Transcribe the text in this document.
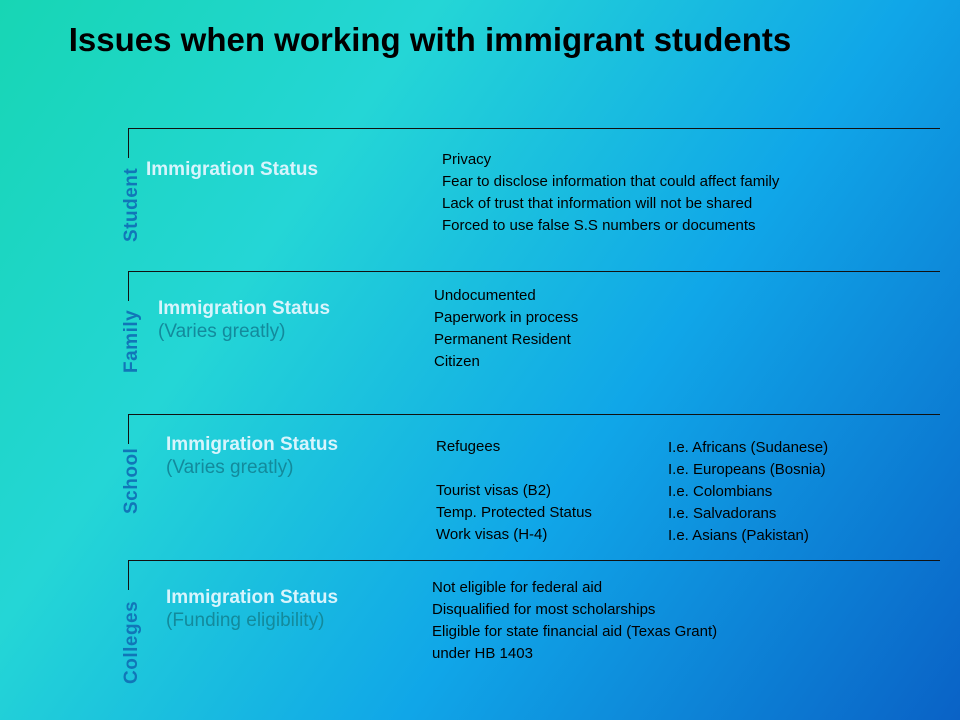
Issues when working with immigrant students
Student Immigration Status	Privacy
Fear to disclose information that could affect family
Lack of trust that information will not be shared
Forced to use false S.S numbers or documents
Family
Immigration Status
(Varies greatly)
Undocumented
Paperwork in process
Permanent Resident
Citizen
School
Immigration Status
(Varies greatly)
Refugees
Tourist visas (B2)
Temp. Protected Status
Work visas (H-4)
I.e. Africans (Sudanese)
I.e. Europeans (Bosnia)
I.e. Colombians
I.e. Salvadorans
I.e. Asians (Pakistan)
Colleges
Immigration Status
(Funding eligibility)
Not eligible for federal aid
Disqualified for most scholarships
Eligible for state financial aid (Texas Grant)
under HB 1403
